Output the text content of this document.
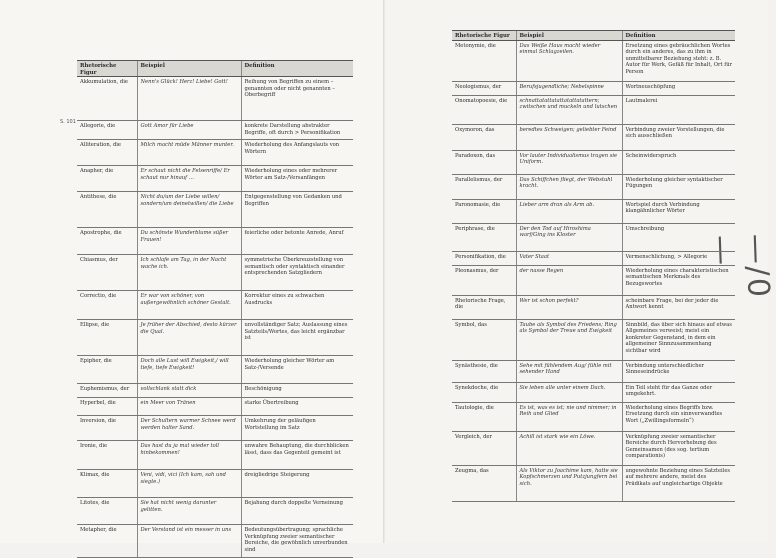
S. 101
—/0—
Rhetorische Figur	Beispiel	Definition
Akkumulation, die	Nenn's Glück! Herz! Liebe! Gott!	Reihung von Begriffen zu einem – genannten oder nicht genannten – Oberbegriff
Allegorie, die	Gott Amor für Liebe	konkrete Darstellung abstrakter Begriffe, oft durch > Personifikation
Alliteration, die	Milch macht müde Männer munter.	Wiederholung des Anfangslauts von Wörtern
Anapher, die	Er schaut nicht die Felsenriffe/ Er schaut nur hinauf …	Wiederholung eines oder mehrerer Wörter am Satz-/Versanfängen
Antithese, die	Nicht du/um der Liebe willen/ sondern/um deinetwillen/ die Liebe	Entgegenstellung von Gedanken und Begriffen
Apostrophe, die	Du schönste Wunderblume süßer Frauen!	feierliche oder betonte Anrede, Anruf
Chiasmus, der	Ich schlafe am Tag, in der Nacht wache ich.	symmetrische Überkreuzstellung von semantisch oder syntaktisch einander entsprechenden Satzgliedern
Correctio, die	Er war von schöner, von außergewöhnlich schöner Gestalt.	Korrektur eines zu schwachen Ausdrucks
Ellipse, die	Je früher der Abschied, desto kürzer die Qual.	unvollständiger Satz; Auslassung eines Satzteils/Wortes, das leicht ergänzbar ist
Epipher, die	Doch alle Lust will Ewigkeit,/ will tiefe, tiefe Ewigkeit!	Wiederholung gleicher Wörter am Satz-/Versende
Euphemismus, der	vollschlank statt dick	Beschönigung
Hyperbel, die	ein Meer von Tränen	starke Übertreibung
Inversion, die	Der Schultern warmer Schnee werd werden halter Sand.	Umkehrung der geläufigen Wortstellung im Satz
Ironie, die	Das hast du ja mal wieder toll hinbekommen!	unwahre Behauptung, die durchblicken lässt, dass das Gegenteil gemeint ist
Klimax, die	Veni, vidi, vici (Ich kam, sah und siegte.)	dreigliedrige Steigerung
Litotes, die	Sie hat nicht wenig darunter gelitten.	Bejahung durch doppelte Verneinung
Metapher, die	Der Verstand ist ein messer in uns	Bedeutungsübertragung; sprachliche Verknüpfung zweier semantischer Bereiche, die gewöhnlich unverbunden sind
Rhetorische Figur	Beispiel	Definition
Metonymie, die	Das Weiße Haus macht wieder einmal Schlagzeilen.	Ersetzung eines gebräuchlichen Wortes durch ein anderes, das zu ihm in unmittelbarer Beziehung steht: z. B. Autor für Werk, Gefäß für Inhalt, Ort für Person
Neologismus, der	Berufsjugendliche; Nebelspinne	Wortneuschöpfung
Onomatopoesie, die	schnattatattatattatattatattern; zwitschen und muckeln und lutschen	Lautmalerei
Oxymoron, das	beredtes Schweigen; geliebter Feind	Verbindung zweier Vorstellungen, die sich ausschließen
Paradoxon, das	Vor lauter Individualismus tragen sie Uniform.	Scheinwiderspruch
Parallelismus, der	Das Schiffchen fliegt, der Webstuhl kracht.	Wiederholung gleicher syntaktischer Fügungen
Paronomasie, die	Lieber arm dran als Arm ab.	Wortspiel durch Verbindung klangähnlicher Wörter
Periphrase, die	Der den Tod auf Hiroshima warf/Ging ins Kloster	Umschreibung
Personifikation, die	Vater Staat	Vermenschlichung, > Allegorie
Pleonasmus, der	der nasse Regen	Wiederholung eines charakteristischen semantischen Merkmals des Bezugswortes
Rhetorische Frage, die	Wer ist schon perfekt?	scheinbare Frage, bei der jeder die Antwort kennt
Symbol, das	Taube als Symbol des Friedens; Ring als Symbol der Treue und Ewigkeit	Sinnbild, das über sich hinaus auf etwas Allgemeines verweist; meist ein konkreter Gegenstand, in dem ein allgemeiner Sinnzusammenhang sichtbar wird
Synästhesie, die	Sehe mit fühlendem Aug/ fühle mit sehender Hand	Verbindung unterschiedlicher Sinneseindrücke
Synekdoche, die	Sie leben alle unter einem Dach.	Ein Teil steht für das Ganze oder umgekehrt.
Tautologie, die	Es ist, was es ist; nie und nimmer; in Reih und Glied	Wiederholung eines Begriffs bzw. Ersetzung durch ein sinnverwandtes Wort („Zwillingsformeln“)
Vergleich, der	Achill ist stark wie ein Löwe.	Verknüpfung zweier semantischer Bereiche durch Hervorhebung des Gemeinsamen (des sog. tertium comparationis)
Zeugma, das	Als Viktor zu Joachime kam, hatte sie Kopfschmerzen und Putzjungfern bei sich.	ungewohnte Beziehung eines Satzteiles auf mehrere andere, meist des Prädikats auf ungleichartige Objekte
